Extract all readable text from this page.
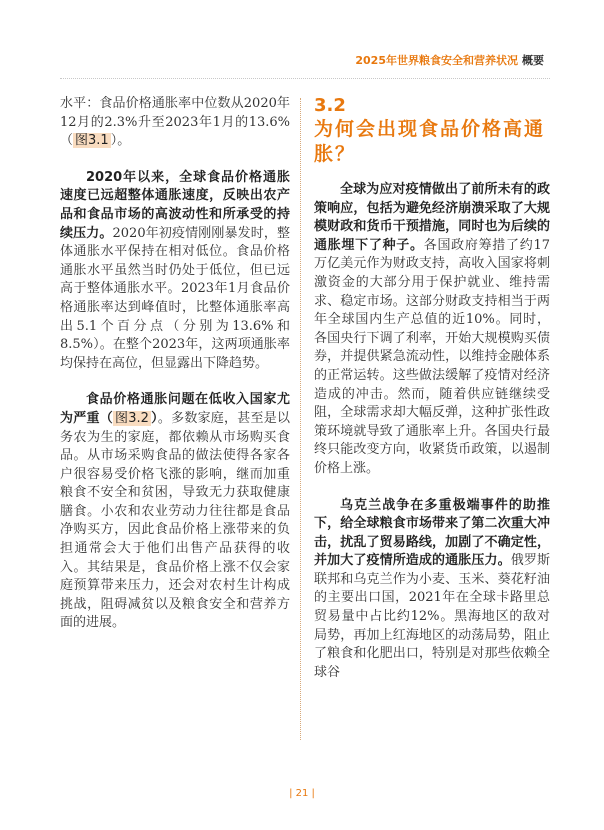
2025年世界粮食安全和营养状况 概要

水平：食品价格通胀率中位数从2020年12月的2.3%升至2023年1月的13.6%（ 图3.1 ）。

2020年以来，全球食品价格通胀速度已远超整体通胀速度，反映出农产品和食品市场的高波动性和所承受的持续压力。2020年初疫情刚刚暴发时，整体通胀水平保持在相对低位。食品价格通胀水平虽然当时仍处于低位，但已远高于整体通胀水平。2023年1月食品价格通胀率达到峰值时，比整体通胀率高出5.1个百分点（分别为13.6%和8.5%）。在整个2023年，这两项通胀率均保持在高位，但显露出下降趋势。

食品价格通胀问题在低收入国家尤为严重（ 图3.2 ）。多数家庭，甚至是以务农为生的家庭，都依赖从市场购买食品。从市场采购食品的做法使得各家各户很容易受价格飞涨的影响，继而加重粮食不安全和贫困，导致无力获取健康膳食。小农和农业劳动力往往都是食品净购买方，因此食品价格上涨带来的负担通常会大于他们出售产品获得的收入。其结果是，食品价格上涨不仅会家庭预算带来压力，还会对农村生计构成挑战，阻碍减贫以及粮食安全和营养方面的进展。

3.2
为何会出现食品价格高通胀？

全球为应对疫情做出了前所未有的政策响应，包括为避免经济崩溃采取了大规模财政和货币干预措施，同时也为后续的通胀埋下了种子。各国政府筹措了约17万亿美元作为财政支持，高收入国家将刺激资金的大部分用于保护就业、维持需求、稳定市场。这部分财政支持相当于两年全球国内生产总值的近10%。同时，各国央行下调了利率，开始大规模购买债券，并提供紧急流动性，以维持金融体系的正常运转。这些做法缓解了疫情对经济造成的冲击。然而，随着供应链继续受阻，全球需求却大幅反弹，这种扩张性政策环境就导致了通胀率上升。各国央行最终只能改变方向，收紧货币政策，以遏制价格上涨。

乌克兰战争在多重极端事件的助推下，给全球粮食市场带来了第二次重大冲击，扰乱了贸易路线，加剧了不确定性，并加大了疫情所造成的通胀压力。俄罗斯联邦和乌克兰作为小麦、玉米、葵花籽油的主要出口国，2021年在全球卡路里总贸易量中占比约12%。黑海地区的敌对局势，再加上红海地区的动荡局势，阻止了粮食和化肥出口，特别是对那些依赖全球谷

| 21 |
